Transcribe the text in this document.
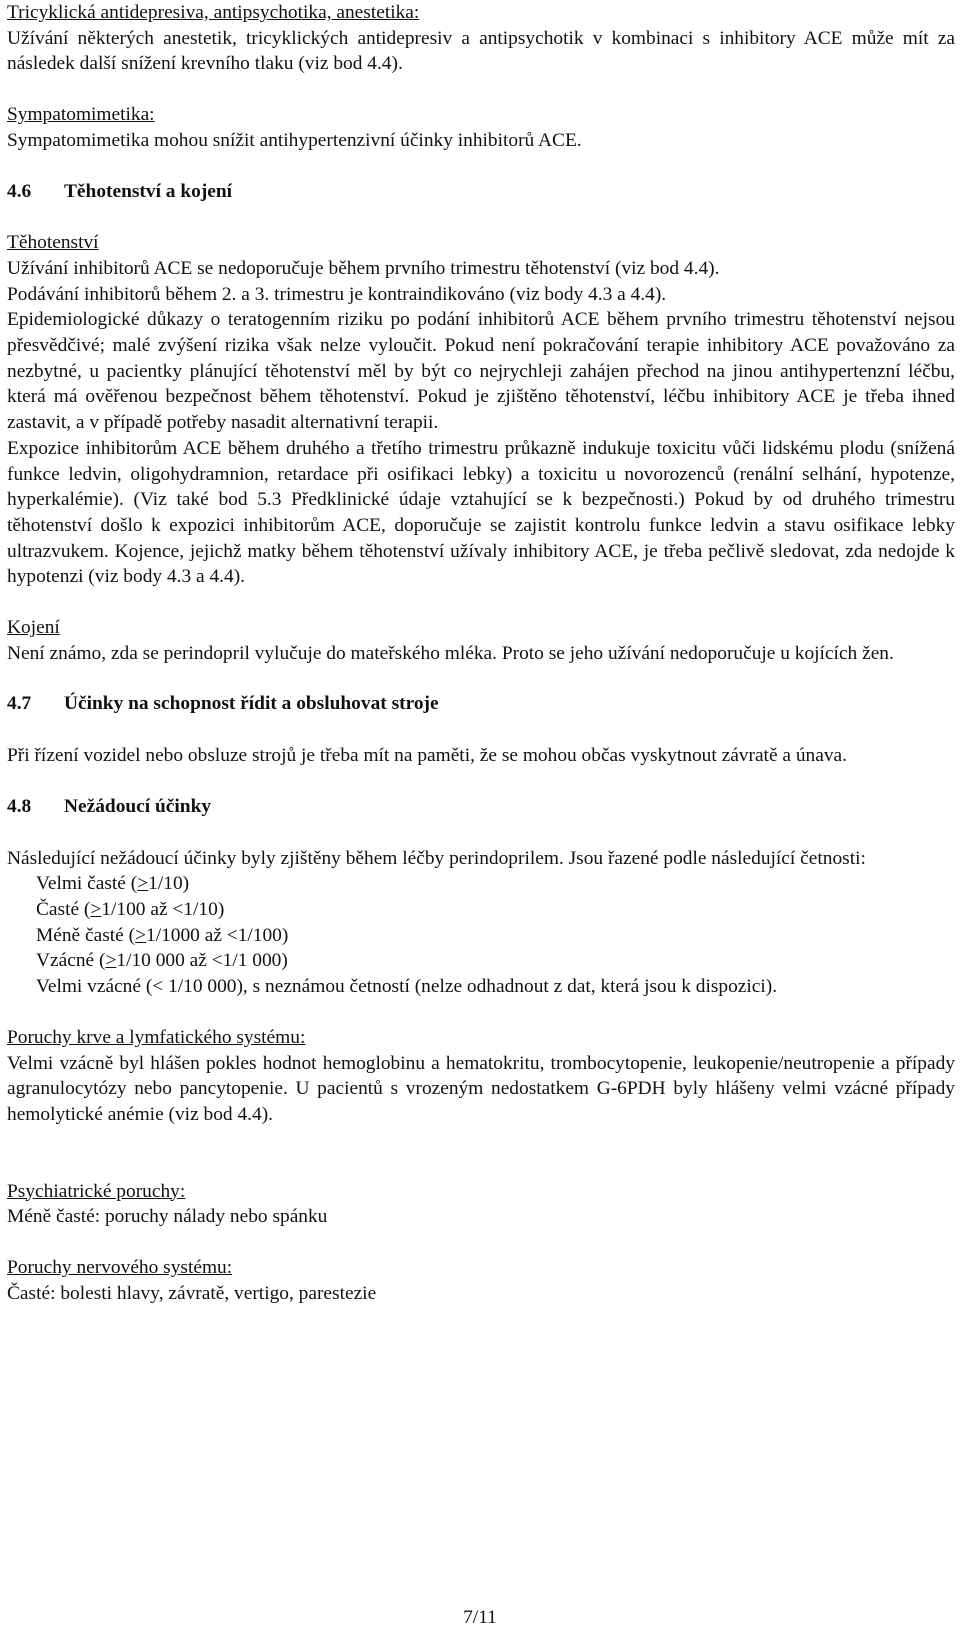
Tricyklická antidepresiva, antipsychotika, anestetika:

Užívání některých anestetik, tricyklických antidepresiv a antipsychotik v kombinaci s inhibitory ACE může mít za následek další snížení krevního tlaku (viz bod 4.4).

Sympatomimetika:

Sympatomimetika mohou snížit antihypertenzivní účinky inhibitorů ACE.

4.6	Těhotenství a kojení

Těhotenství

Užívání inhibitorů ACE se nedoporučuje během prvního trimestru těhotenství (viz bod 4.4).

Podávání inhibitorů během 2. a 3. trimestru je kontraindikováno (viz body 4.3 a 4.4).

Epidemiologické důkazy o teratogenním riziku po podání inhibitorů ACE během prvního trimestru těhotenství nejsou přesvědčivé; malé zvýšení rizika však nelze vyloučit. Pokud není pokračování terapie inhibitory ACE považováno za nezbytné, u pacientky plánující těhotenství měl by být co nejrychleji zahájen přechod na jinou antihypertenzní léčbu, která má ověřenou bezpečnost během těhotenství. Pokud je zjištěno těhotenství, léčbu inhibitory ACE je třeba ihned zastavit, a v případě potřeby nasadit alternativní terapii.

Expozice inhibitorům ACE během druhého a třetího trimestru průkazně indukuje toxicitu vůči lidskému plodu (snížená funkce ledvin, oligohydramnion, retardace při osifikaci lebky) a toxicitu u novorozenců (renální selhání, hypotenze, hyperkalémie). (Viz také bod 5.3 Předklinické údaje vztahující se k bezpečnosti.) Pokud by od druhého trimestru těhotenství došlo k expozici inhibitorům ACE, doporučuje se zajistit kontrolu funkce ledvin a stavu osifikace lebky ultrazvukem. Kojence, jejichž matky během těhotenství užívaly inhibitory ACE, je třeba pečlivě sledovat, zda nedojde k hypotenzi (viz body 4.3 a 4.4).

Kojení

Není známo, zda se perindopril vylučuje do mateřského mléka. Proto se jeho užívání nedoporučuje u kojících žen.

4.7	Účinky na schopnost řídit a obsluhovat stroje

Při řízení vozidel nebo obsluze strojů je třeba mít na paměti, že se mohou občas vyskytnout závratě a únava.

4.8	Nežádoucí účinky

Následující nežádoucí účinky byly zjištěny během léčby perindoprilem. Jsou řazené podle následující četnosti:

Velmi časté (>1/10)

Časté (>1/100 až <1/10)

Méně časté (>1/1000 až <1/100)

Vzácné (>1/10 000 až <1/1 000)

Velmi vzácné (< 1/10 000), s neznámou četností (nelze odhadnout z dat, která jsou k dispozici).

Poruchy krve a lymfatického systému:

Velmi vzácně byl hlášen pokles hodnot hemoglobinu a hematokritu, trombocytopenie, leukopenie/neutropenie a případy agranulocytózy nebo pancytopenie. U pacientů s vrozeným nedostatkem G-6PDH byly hlášeny velmi vzácné případy hemolytické anémie (viz bod 4.4).

Psychiatrické poruchy:

Méně časté: poruchy nálady nebo spánku

Poruchy nervového systému:

Časté: bolesti hlavy, závratě, vertigo, parestezie

7/11
